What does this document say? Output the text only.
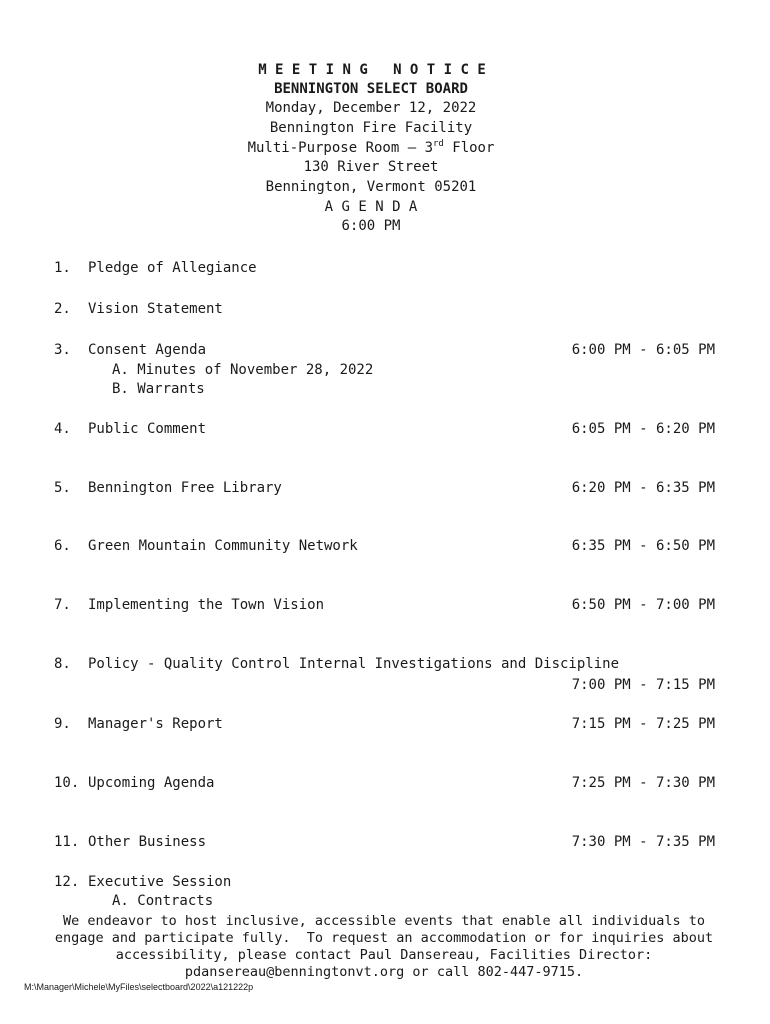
M E E T I N G   N O T I C E
BENNINGTON SELECT BOARD
Monday, December 12, 2022
Bennington Fire Facility
Multi-Purpose Room – 3rd Floor
130 River Street
Bennington, Vermont 05201
A G E N D A
6:00 PM
1. Pledge of Allegiance
2. Vision Statement
3. Consent Agenda	6:00 PM - 6:05 PM
A. Minutes of November 28, 2022
B. Warrants
4. Public Comment	6:05 PM - 6:20 PM
5. Bennington Free Library	6:20 PM - 6:35 PM
6. Green Mountain Community Network	6:35 PM - 6:50 PM
7. Implementing the Town Vision	6:50 PM - 7:00 PM
8. Policy - Quality Control Internal Investigations and Discipline
7:00 PM - 7:15 PM
9. Manager's Report	7:15 PM - 7:25 PM
10. Upcoming Agenda	7:25 PM - 7:30 PM
11. Other Business	7:30 PM - 7:35 PM
12. Executive Session
A. Contracts
We endeavor to host inclusive, accessible events that enable all individuals to
engage and participate fully.  To request an accommodation or for inquiries about
accessibility, please contact Paul Dansereau, Facilities Director:
pdansereau@benningtonvt.org or call 802-447-9715.
M:\Manager\Michele\MyFiles\selectboard\2022\a121222p
